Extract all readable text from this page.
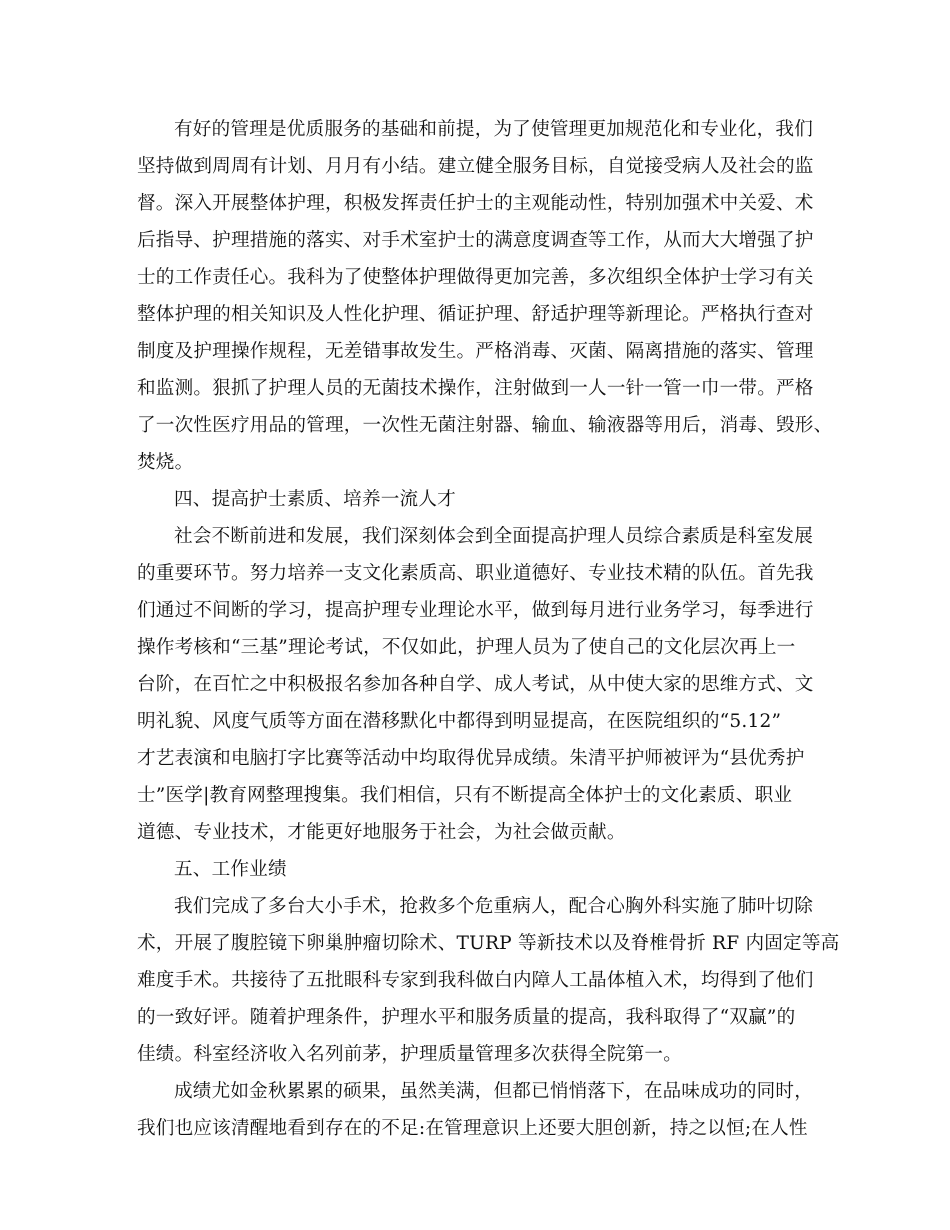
有好的管理是优质服务的基础和前提，为了使管理更加规范化和专业化，我们
坚持做到周周有计划、月月有小结。建立健全服务目标，自觉接受病人及社会的监
督。深入开展整体护理，积极发挥责任护士的主观能动性，特别加强术中关爱、术
后指导、护理措施的落实、对手术室护士的满意度调查等工作，从而大大增强了护
士的工作责任心。我科为了使整体护理做得更加完善，多次组织全体护士学习有关
整体护理的相关知识及人性化护理、循证护理、舒适护理等新理论。严格执行查对
制度及护理操作规程，无差错事故发生。严格消毒、灭菌、隔离措施的落实、管理
和监测。狠抓了护理人员的无菌技术操作，注射做到一人一针一管一巾一带。严格
了一次性医疗用品的管理，一次性无菌注射器、输血、输液器等用后，消毒、毁形、
焚烧。
四、提高护士素质、培养一流人才
社会不断前进和发展，我们深刻体会到全面提高护理人员综合素质是科室发展
的重要环节。努力培养一支文化素质高、职业道德好、专业技术精的队伍。首先我
们通过不间断的学习，提高护理专业理论水平，做到每月进行业务学习，每季进行
操作考核和“三基”理论考试，不仅如此，护理人员为了使自己的文化层次再上一
台阶，在百忙之中积极报名参加各种自学、成人考试，从中使大家的思维方式、文
明礼貌、风度气质等方面在潜移默化中都得到明显提高，在医院组织的“5.12”
才艺表演和电脑打字比赛等活动中均取得优异成绩。朱清平护师被评为“县优秀护
士”医学|教育网整理搜集。我们相信，只有不断提高全体护士的文化素质、职业
道德、专业技术，才能更好地服务于社会，为社会做贡献。
五、工作业绩
我们完成了多台大小手术，抢救多个危重病人，配合心胸外科实施了肺叶切除
术，开展了腹腔镜下卵巢肿瘤切除术、TURP 等新技术以及脊椎骨折 RF 内固定等高
难度手术。共接待了五批眼科专家到我科做白内障人工晶体植入术，均得到了他们
的一致好评。随着护理条件，护理水平和服务质量的提高，我科取得了“双赢”的
佳绩。科室经济收入名列前茅，护理质量管理多次获得全院第一。
成绩尤如金秋累累的硕果，虽然美满，但都已悄悄落下，在品味成功的同时，
我们也应该清醒地看到存在的不足:在管理意识上还要大胆创新，持之以恒;在人性
